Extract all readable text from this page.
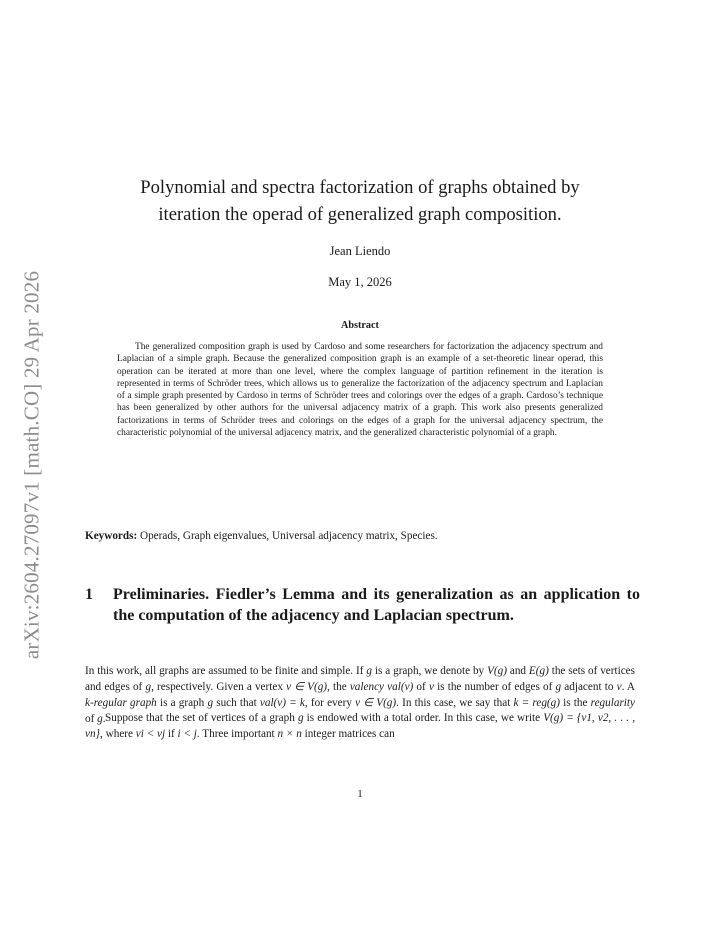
arXiv:2604.27097v1 [math.CO] 29 Apr 2026
Polynomial and spectra factorization of graphs obtained by
iteration the operad of generalized graph composition.
Jean Liendo
May 1, 2026
Abstract
The generalized composition graph is used by Cardoso and some researchers for factorization the adjacency spectrum and Laplacian of a simple graph. Because the generalized composition graph is an example of a set-theoretic linear operad, this operation can be iterated at more than one level, where the complex language of partition refinement in the iteration is represented in terms of Schröder trees, which allows us to generalize the factorization of the adjacency spectrum and Laplacian of a simple graph presented by Cardoso in terms of Schröder trees and colorings over the edges of a graph. Cardoso’s technique has been generalized by other authors for the universal adjacency matrix of a graph. This work also presents generalized factorizations in terms of Schröder trees and colorings on the edges of a graph for the universal adjacency spectrum, the characteristic polynomial of the universal adjacency matrix, and the generalized characteristic polynomial of a graph.
Keywords: Operads, Graph eigenvalues, Universal adjacency matrix, Species.
1 Preliminaries. Fiedler’s Lemma and its generalization as an application to the computation of the adjacency and Laplacian spectrum.
In this work, all graphs are assumed to be finite and simple. If g is a graph, we denote by V(g) and E(g) the sets of vertices and edges of g, respectively. Given a vertex v ∈ V(g), the valency val(v) of v is the number of edges of g adjacent to v. A k-regular graph is a graph g such that val(v) = k, for every v ∈ V(g). In this case, we say that k = reg(g) is the regularity of g. Suppose that the set of vertices of a graph g is endowed with a total order. In this case, we write V(g) = {v1, v2, . . . , vn}, where vi < vj if i < j. Three important n × n integer matrices can
1
